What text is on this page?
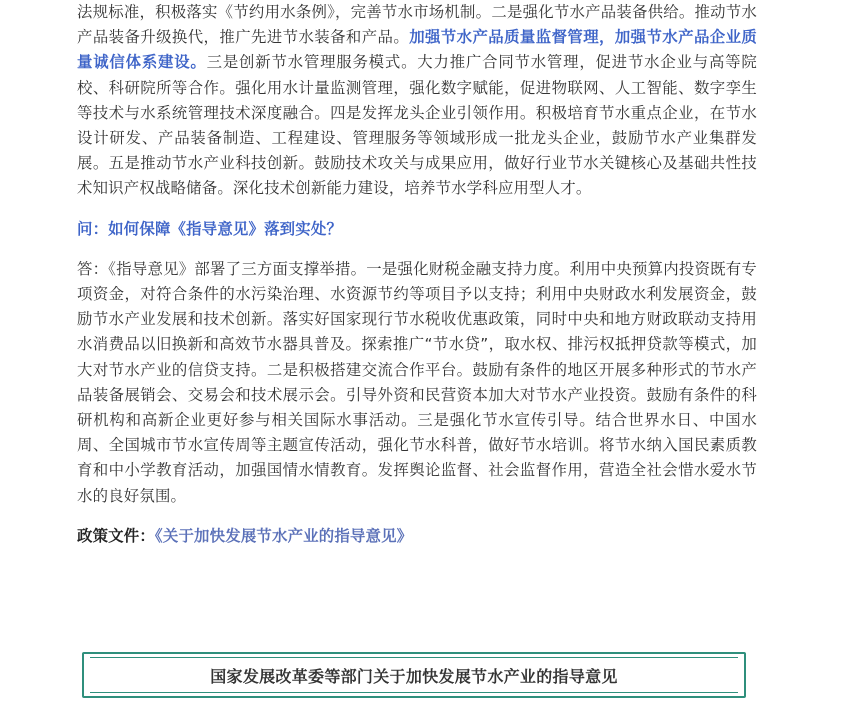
法规标准，积极落实《节约用水条例》，完善节水市场机制。二是强化节水产品装备供给。推动节水产品装备升级换代，推广先进节水装备和产品。加强节水产品质量监督管理，加强节水产品企业质量诚信体系建设。三是创新节水管理服务模式。大力推广合同节水管理，促进节水企业与高等院校、科研院所等合作。强化用水计量监测管理，强化数字赋能，促进物联网、人工智能、数字孪生等技术与水系统管理技术深度融合。四是发挥龙头企业引领作用。积极培育节水重点企业，在节水设计研发、产品装备制造、工程建设、管理服务等领域形成一批龙头企业，鼓励节水产业集群发展。五是推动节水产业科技创新。鼓励技术攻关与成果应用，做好行业节水关键核心及基础共性技术知识产权战略储备。深化技术创新能力建设，培养节水学科应用型人才。

问：如何保障《指导意见》落到实处？

答：《指导意见》部署了三方面支撑举措。一是强化财税金融支持力度。利用中央预算内投资既有专项资金，对符合条件的水污染治理、水资源节约等项目予以支持；利用中央财政水利发展资金，鼓励节水产业发展和技术创新。落实好国家现行节水税收优惠政策，同时中央和地方财政联动支持用水消费品以旧换新和高效节水器具普及。探索推广“节水贷”，取水权、排污权抵押贷款等模式，加大对节水产业的信贷支持。二是积极搭建交流合作平台。鼓励有条件的地区开展多种形式的节水产品装备展销会、交易会和技术展示会。引导外资和民营资本加大对节水产业投资。鼓励有条件的科研机构和高新企业更好参与相关国际水事活动。三是强化节水宣传引导。结合世界水日、中国水周、全国城市节水宣传周等主题宣传活动，强化节水科普，做好节水培训。将节水纳入国民素质教育和中小学教育活动，加强国情水情教育。发挥舆论监督、社会监督作用，营造全社会惜水爱水节水的良好氛围。

政策文件：《关于加快发展节水产业的指导意见》

国家发展改革委等部门关于加快发展节水产业的指导意见
